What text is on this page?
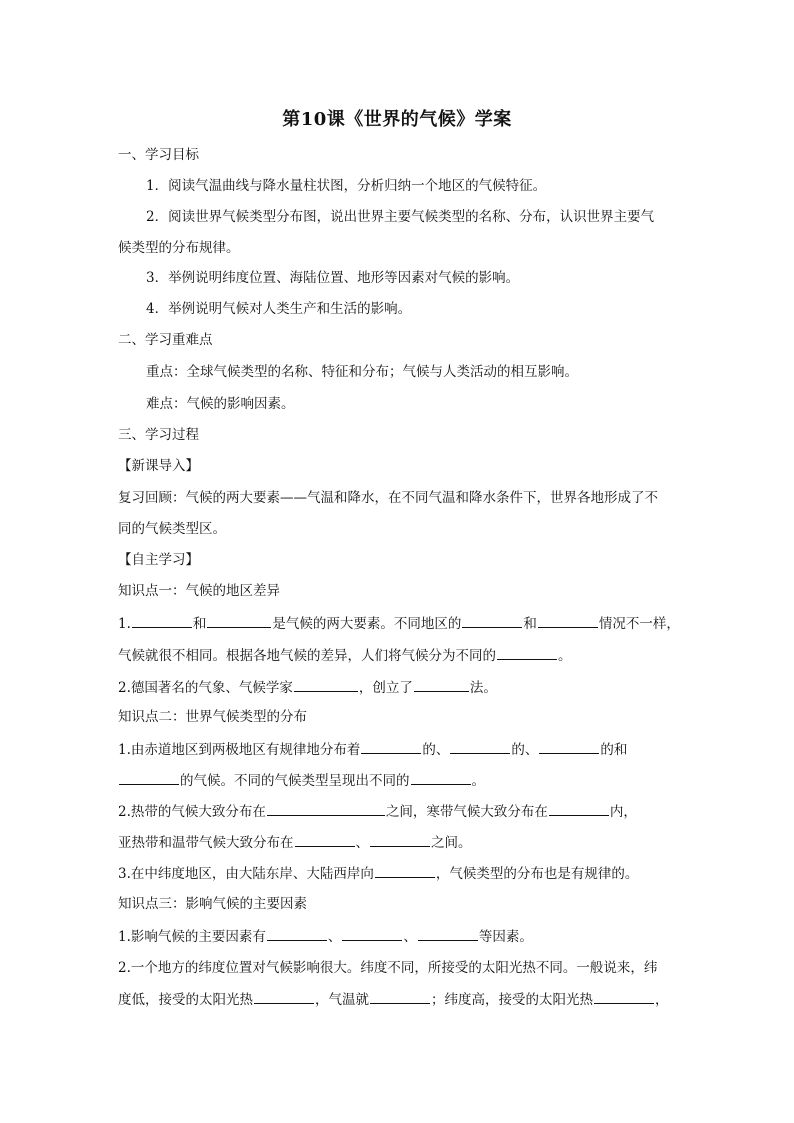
第10课《世界的气候》学案
一、学习目标
1．阅读气温曲线与降水量柱状图，分析归纳一个地区的气候特征。
2．阅读世界气候类型分布图，说出世界主要气候类型的名称、分布，认识世界主要气
候类型的分布规律。
3．举例说明纬度位置、海陆位置、地形等因素对气候的影响。
4．举例说明气候对人类生产和生活的影响。
二、学习重难点
重点：全球气候类型的名称、特征和分布；气候与人类活动的相互影响。
难点：气候的影响因素。
三、学习过程
【新课导入】
复习回顾：气候的两大要素——气温和降水，在不同气温和降水条件下，世界各地形成了不
同的气候类型区。
【自主学习】
知识点一：气候的地区差异
1.	和	是气候的两大要素。不同地区的	和	情况不一样，
气候就很不相同。根据各地气候的差异，人们将气候分为不同的	。
2.德国著名的气象、气候学家	，创立了	法。
知识点二：世界气候类型的分布
1.由赤道地区到两极地区有规律地分布着	的、	的、	的和
的气候。不同的气候类型呈现出不同的	。
2.热带的气候大致分布在	之间，寒带气候大致分布在	内，
亚热带和温带气候大致分布在	、	之间。
3.在中纬度地区，由大陆东岸、大陆西岸向	，气候类型的分布也是有规律的。
知识点三：影响气候的主要因素
1.影响气候的主要因素有	、	、	等因素。
2.一个地方的纬度位置对气候影响很大。纬度不同，所接受的太阳光热不同。一般说来，纬
度低，接受的太阳光热	，气温就	；纬度高，接受的太阳光热	，
